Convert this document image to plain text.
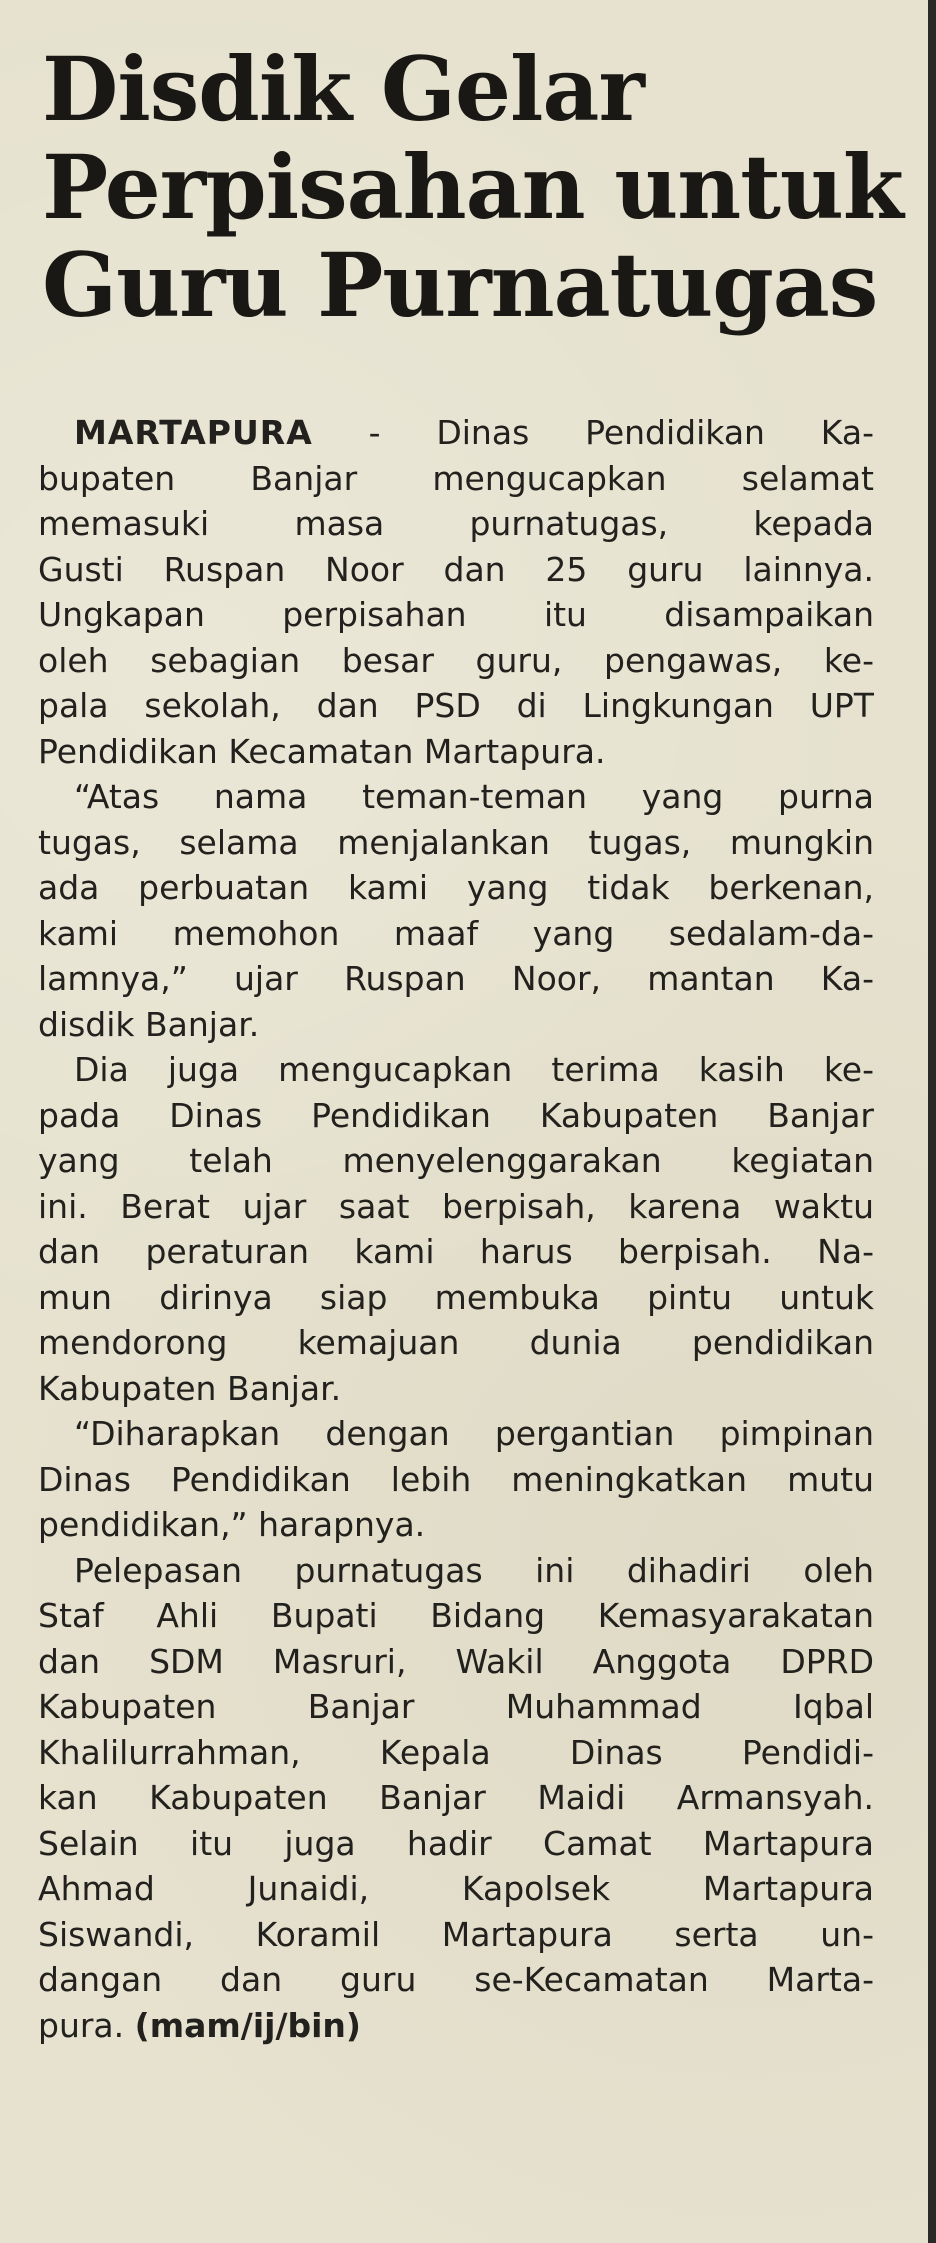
Disdik Gelar
Perpisahan untuk
Guru Purnatugas
MARTAPURA - Dinas Pendidikan Ka-
bupaten Banjar mengucapkan selamat
memasuki masa purnatugas, kepada
Gusti Ruspan Noor dan 25 guru lainnya.
Ungkapan perpisahan itu disampaikan
oleh sebagian besar guru, pengawas, ke-
pala sekolah, dan PSD di Lingkungan UPT
Pendidikan Kecamatan Martapura.
“Atas nama teman-teman yang purna
tugas, selama menjalankan tugas, mungkin
ada perbuatan kami yang tidak berkenan,
kami memohon maaf yang sedalam-da-
lamnya,” ujar Ruspan Noor, mantan Ka-
disdik Banjar.
Dia juga mengucapkan terima kasih ke-
pada Dinas Pendidikan Kabupaten Banjar
yang telah menyelenggarakan kegiatan
ini. Berat ujar saat berpisah, karena waktu
dan peraturan kami harus berpisah. Na-
mun dirinya siap membuka pintu untuk
mendorong kemajuan dunia pendidikan
Kabupaten Banjar.
“Diharapkan dengan pergantian pimpinan
Dinas Pendidikan lebih meningkatkan mutu
pendidikan,” harapnya.
Pelepasan purnatugas ini dihadiri oleh
Staf Ahli Bupati Bidang Kemasyarakatan
dan SDM Masruri, Wakil Anggota DPRD
Kabupaten Banjar Muhammad Iqbal
Khalilurrahman, Kepala Dinas Pendidi-
kan Kabupaten Banjar Maidi Armansyah.
Selain itu juga hadir Camat Martapura
Ahmad Junaidi, Kapolsek Martapura
Siswandi, Koramil Martapura serta un-
dangan dan guru se-Kecamatan Marta-
pura. (mam/ij/bin)
